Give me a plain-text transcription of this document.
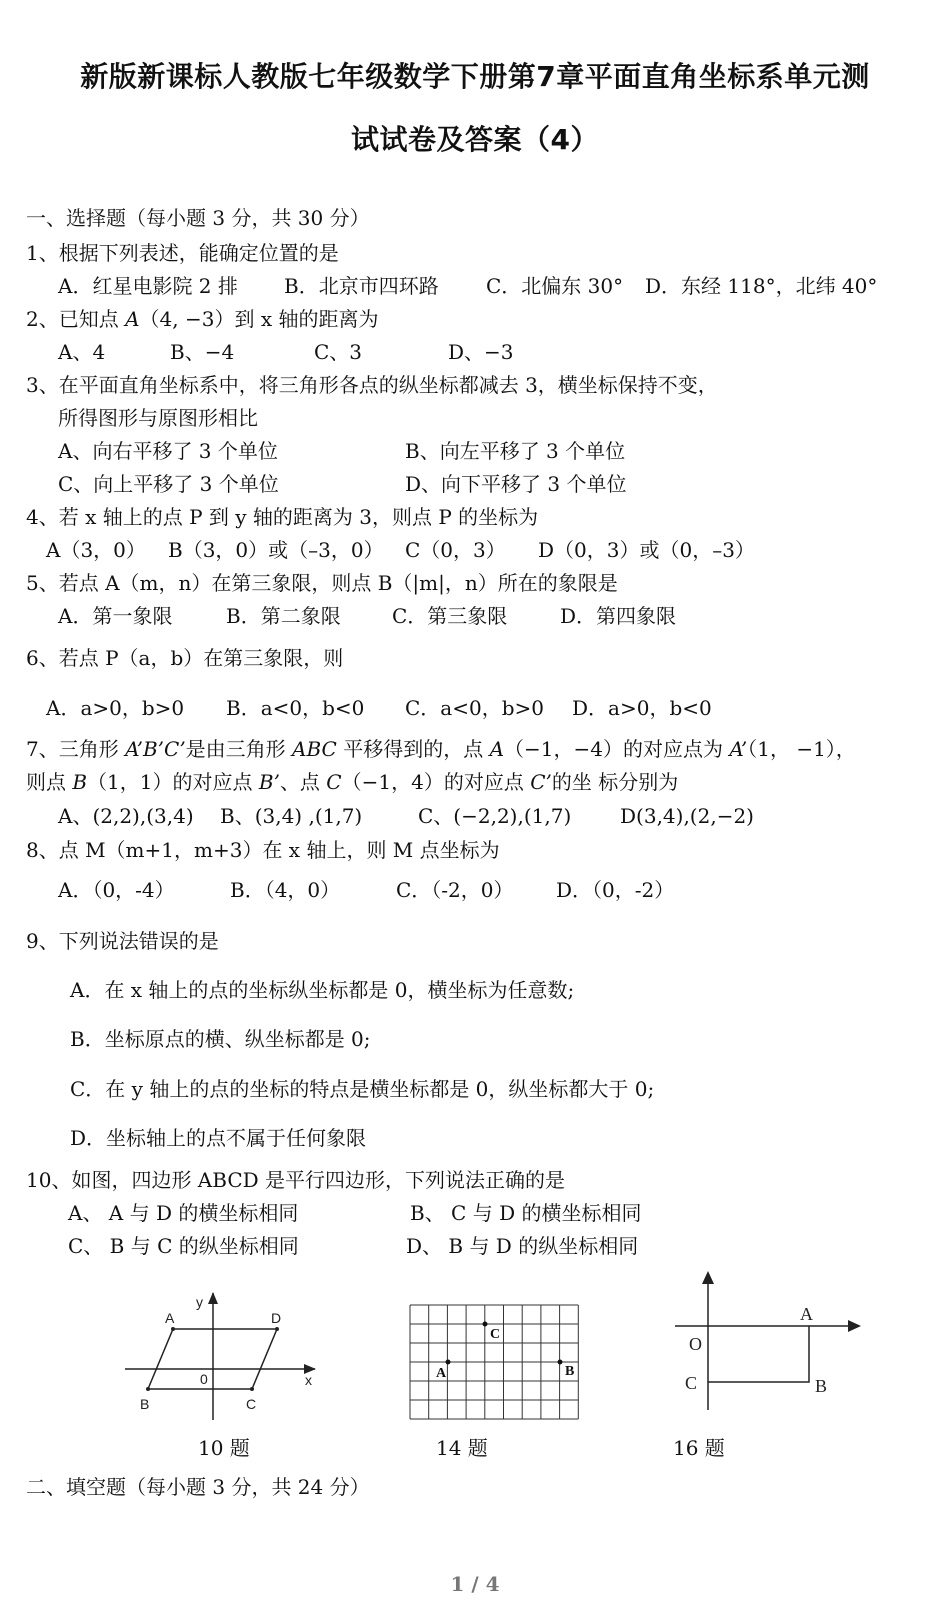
新版新课标人教版七年级数学下册第7章平面直角坐标系单元测
试试卷及答案（4）
一、选择题（每小题 3 分，共 30 分）
1、根据下列表述，能确定位置的是
A．红星电影院 2 排 B．北京市四环路 C．北偏东 30° D．东经 118°，北纬 40°
2、已知点 A（4, −3）到 x 轴的距离为
A、4	B、−4	C、3	D、−3
3、在平面直角坐标系中，将三角形各点的纵坐标都减去 3，横坐标保持不变，
所得图形与原图形相比
A、向右平移了 3 个单位	B、向左平移了 3 个单位
C、向上平移了 3 个单位	D、向下平移了 3 个单位
4、若 x 轴上的点 P 到 y 轴的距离为 3，则点 P 的坐标为
A（3，0） B（3，0）或（–3，0） C（0，3） D（0，3）或（0，–3）
5、若点 A（m，n）在第三象限，则点 B（|m|，n）所在的象限是
A．第一象限	B．第二象限	C．第三象限	D．第四象限
6、若点 P（a，b）在第三象限，则
A．a>0，b>0 B．a<0，b<0 C．a<0，b>0 D．a>0，b<0
7、三角形 A’B’C’是由三角形 ABC 平移得到的，点 A（−1，−4）的对应点为 A’（1， −1），
则点 B（1，1）的对应点 B’、点 C（−1，4）的对应点 C’的坐 标分别为
A、(2,2),(3,4) B、(3,4) ,(1,7)	C、(−2,2),(1,7) D(3,4),(2,−2)
8、点 M（m+1，m+3）在 x 轴上，则 M 点坐标为
A．（0，-4）	B．（4，0）	C．（-2，0） D．（0，-2）
9、下列说法错误的是
A．在 x 轴上的点的坐标纵坐标都是 0，横坐标为任意数;
B．坐标原点的横、纵坐标都是 0;
C．在 y 轴上的点的坐标的特点是横坐标都是 0，纵坐标都大于 0;
D．坐标轴上的点不属于任何象限
10、如图，四边形 ABCD 是平行四边形，下列说法正确的是
A、 A 与 D 的横坐标相同	B、 C 与 D 的横坐标相同
C、 B 与 C 的纵坐标相同	D、 B 与 D 的纵坐标相同
A	D
B	C
0	x
y
A	B
C	O
A
B
C
10 题	14 题	16 题
二、填空题（每小题 3 分，共 24 分）
1 / 4
